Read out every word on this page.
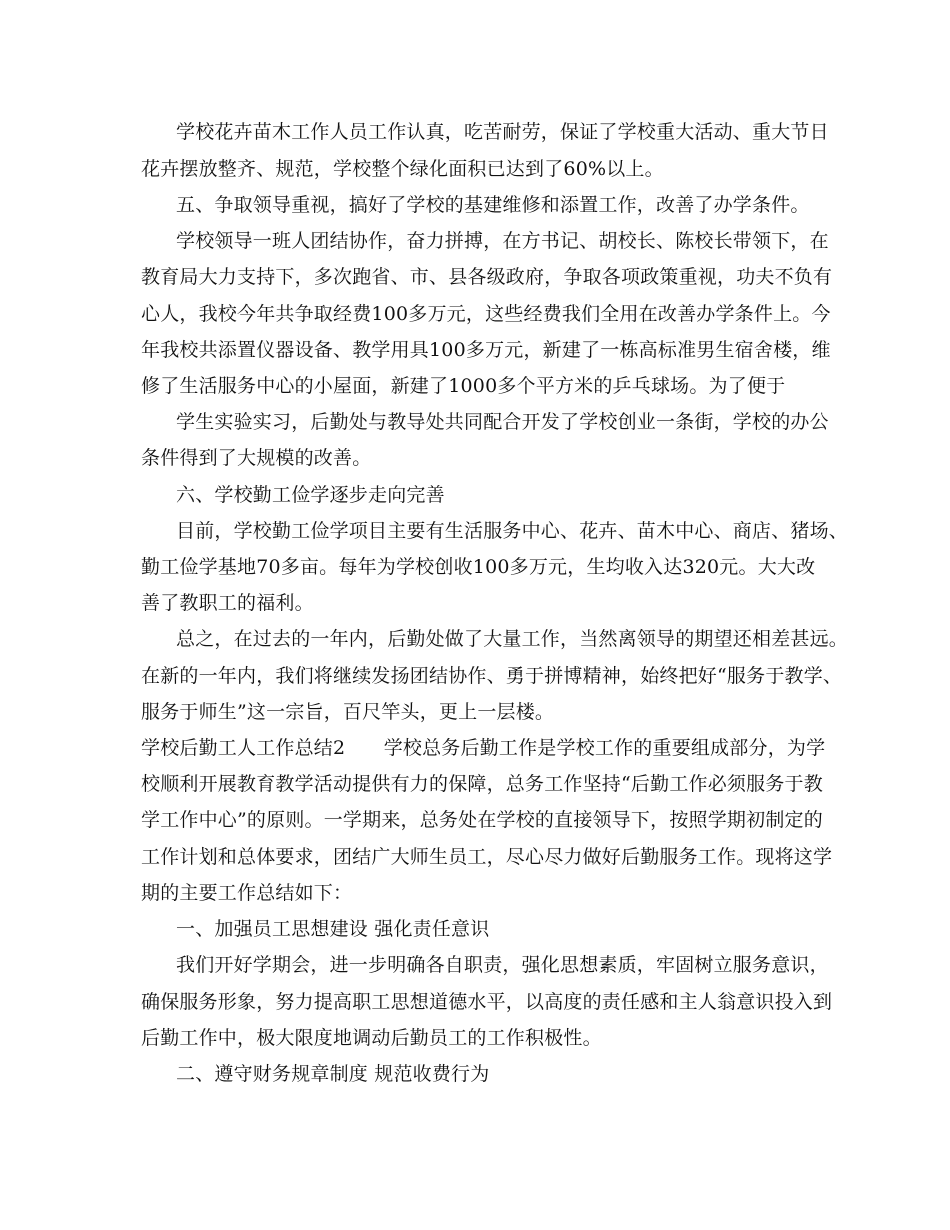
学校花卉苗木工作人员工作认真，吃苦耐劳，保证了学校重大活动、重大节日
花卉摆放整齐、规范，学校整个绿化面积已达到了60%以上。
五、争取领导重视，搞好了学校的基建维修和添置工作，改善了办学条件。
学校领导一班人团结协作，奋力拼搏，在方书记、胡校长、陈校长带领下，在
教育局大力支持下，多次跑省、市、县各级政府，争取各项政策重视，功夫不负有
心人，我校今年共争取经费100多万元，这些经费我们全用在改善办学条件上。今
年我校共添置仪器设备、教学用具100多万元，新建了一栋高标准男生宿舍楼，维
修了生活服务中心的小屋面，新建了1000多个平方米的乒乓球场。为了便于
学生实验实习，后勤处与教导处共同配合开发了学校创业一条街，学校的办公
条件得到了大规模的改善。
六、学校勤工俭学逐步走向完善
目前，学校勤工俭学项目主要有生活服务中心、花卉、苗木中心、商店、猪场、
勤工俭学基地70多亩。每年为学校创收100多万元，生均收入达320元。大大改
善了教职工的福利。
总之，在过去的一年内，后勤处做了大量工作，当然离领导的期望还相差甚远。
在新的一年内，我们将继续发扬团结协作、勇于拼博精神，始终把好“服务于教学、
服务于师生”这一宗旨，百尺竿头，更上一层楼。
学校后勤工人工作总结2　　学校总务后勤工作是学校工作的重要组成部分，为学
校顺利开展教育教学活动提供有力的保障，总务工作坚持“后勤工作必须服务于教
学工作中心”的原则。一学期来，总务处在学校的直接领导下，按照学期初制定的
工作计划和总体要求，团结广大师生员工，尽心尽力做好后勤服务工作。现将这学
期的主要工作总结如下：
一、加强员工思想建设 强化责任意识
我们开好学期会，进一步明确各自职责，强化思想素质，牢固树立服务意识，
确保服务形象，努力提高职工思想道德水平，以高度的责任感和主人翁意识投入到
后勤工作中，极大限度地调动后勤员工的工作积极性。
二、遵守财务规章制度 规范收费行为
